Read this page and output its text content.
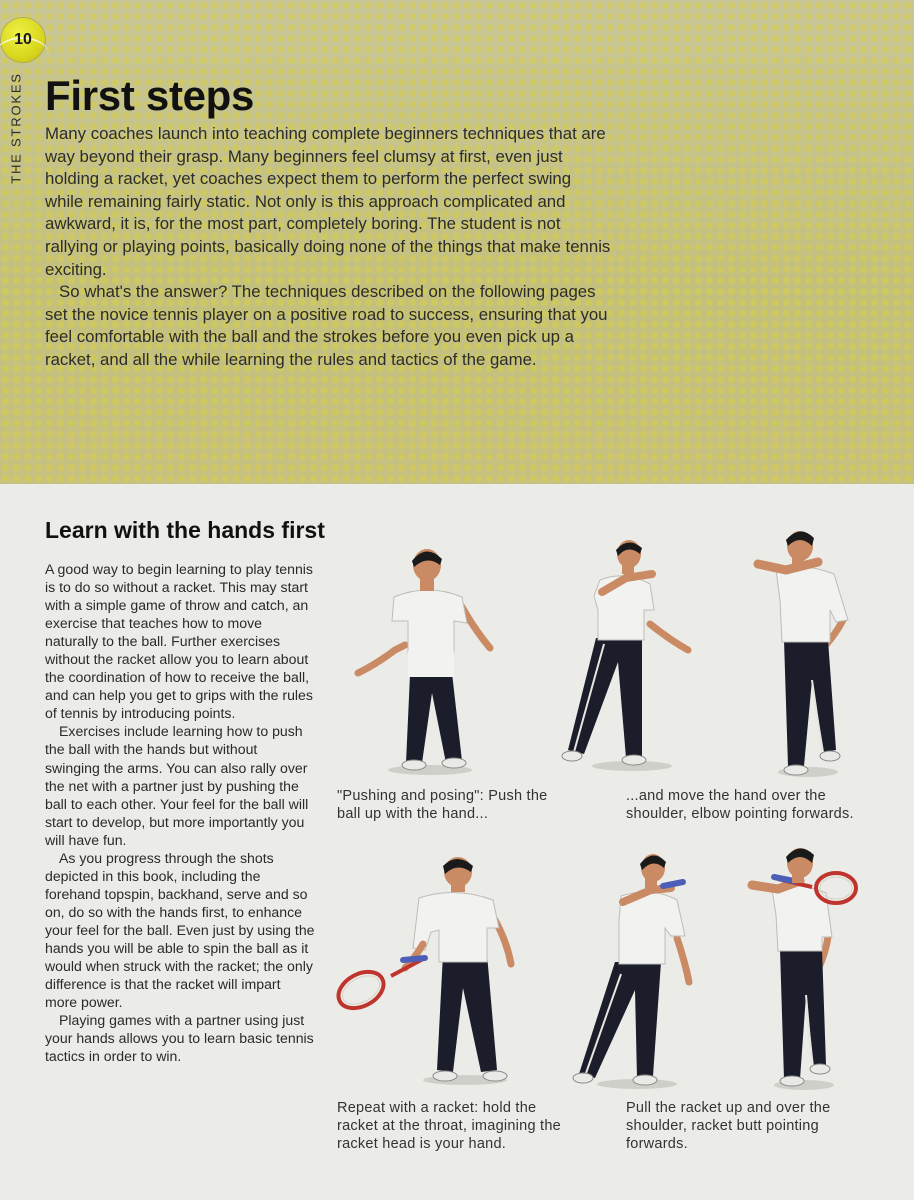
10
THE STROKES First steps

Many coaches launch into teaching complete beginners techniques that are way beyond their grasp. Many beginners feel clumsy at first, even just holding a racket, yet coaches expect them to perform the perfect swing while remaining fairly static. Not only is this approach complicated and awkward, it is, for the most part, completely boring. The student is not rallying or playing points, basically doing none of the things that make tennis exciting.

So what's the answer? The techniques described on the following pages set the novice tennis player on a positive road to success, ensuring that you feel comfortable with the ball and the strokes before you even pick up a racket, and all the while learning the rules and tactics of the game.

Learn with the hands first

A good way to begin learning to play tennis is to do so without a racket. This may start with a simple game of throw and catch, an exercise that teaches how to move naturally to the ball. Further exercises without the racket allow you to learn about the coordination of how to receive the ball, and can help you get to grips with the rules of tennis by introducing points.

Exercises include learning how to push the ball with the hands but without swinging the arms. You can also rally over the net with a partner just by pushing the ball to each other. Your feel for the ball will start to develop, but more importantly you will have fun.

As you progress through the shots depicted in this book, including the forehand topspin, backhand, serve and so on, do so with the hands first, to enhance your feel for the ball. Even just by using the hands you will be able to spin the ball as it would when struck with the racket; the only difference is that the racket will impart more power.

Playing games with a partner using just your hands allows you to learn basic tennis tactics in order to win.

"Pushing and posing": Push the ball up with the hand...
...and move the hand over the shoulder, elbow pointing forwards.
Repeat with a racket: hold the racket at the throat, imagining the racket head is your hand.
Pull the racket up and over the shoulder, racket butt pointing forwards.
